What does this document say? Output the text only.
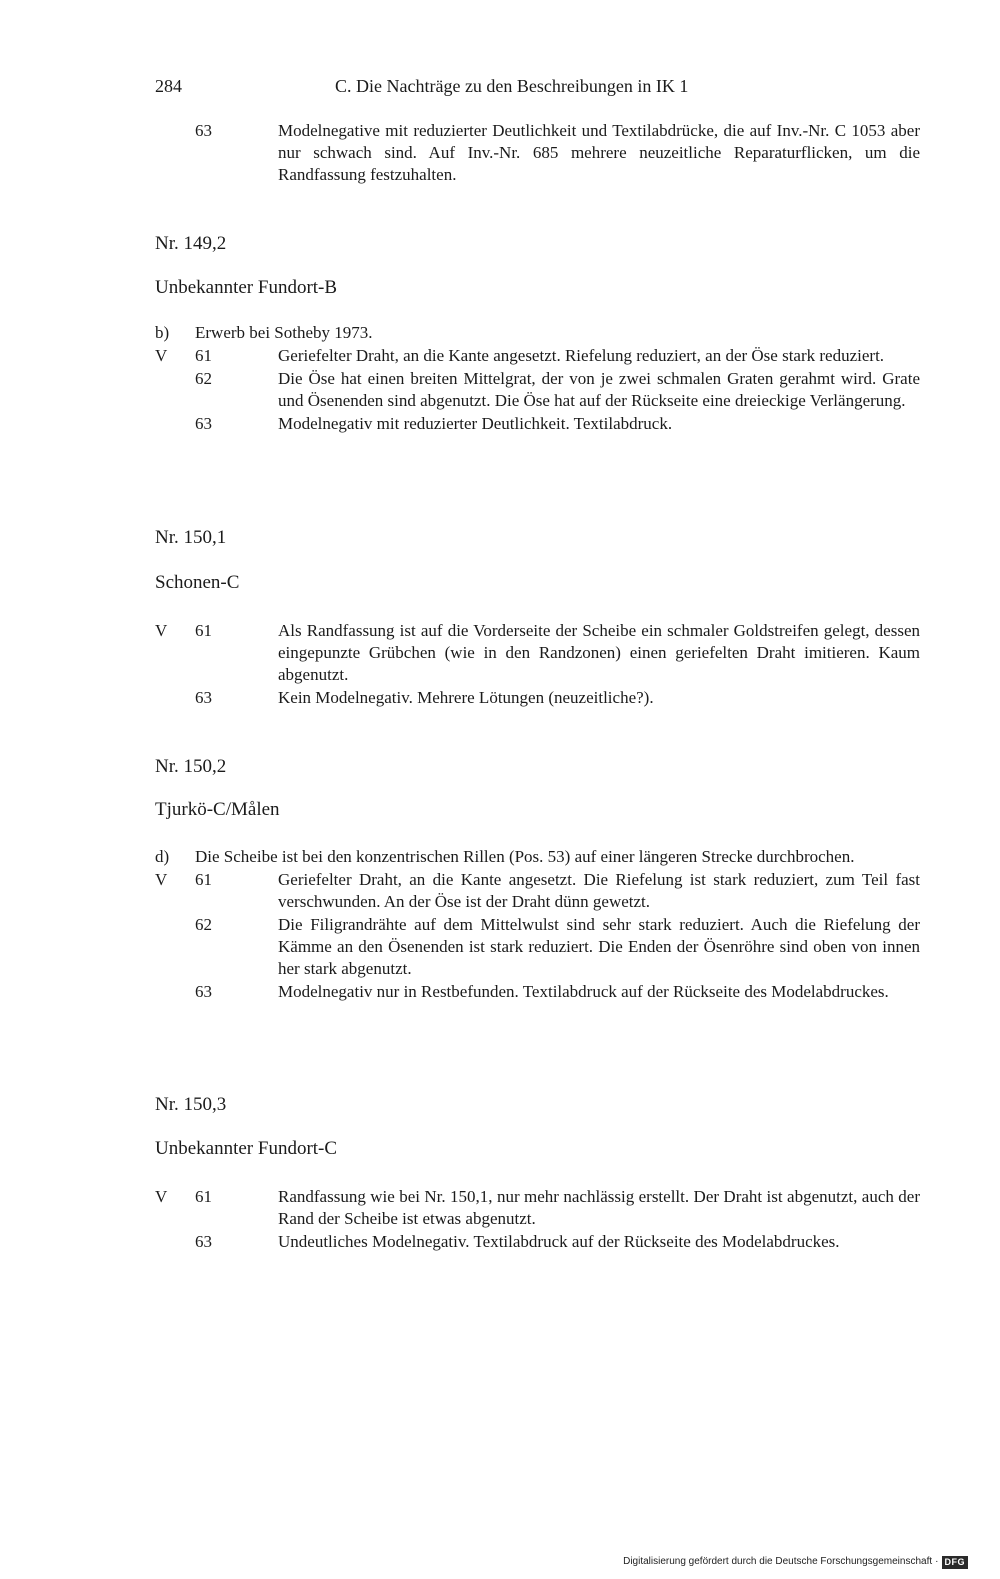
284	C. Die Nachträge zu den Beschreibungen in IK 1
63	Modelnegative mit reduzierter Deutlichkeit und Textilabdrücke, die auf Inv.-Nr. C 1053 aber nur schwach sind. Auf Inv.-Nr. 685 mehrere neuzeitliche Reparaturflicken, um die Randfassung festzuhalten.
Nr. 149,2
Unbekannter Fundort-B
b)	Erwerb bei Sotheby 1973.
V	61	Geriefelter Draht, an die Kante angesetzt. Riefelung reduziert, an der Öse stark reduziert.
62	Die Öse hat einen breiten Mittelgrat, der von je zwei schmalen Graten gerahmt wird. Grate und Ösenenden sind abgenutzt. Die Öse hat auf der Rückseite eine dreieckige Verlängerung.
63	Modelnegativ mit reduzierter Deutlichkeit. Textilabdruck.
Nr. 150,1
Schonen-C
V	61	Als Randfassung ist auf die Vorderseite der Scheibe ein schmaler Goldstreifen gelegt, dessen eingepunzte Grübchen (wie in den Randzonen) einen geriefelten Draht imitieren. Kaum abgenutzt.
63	Kein Modelnegativ. Mehrere Lötungen (neuzeitliche?).
Nr. 150,2
Tjurkö-C/Målen
d)	Die Scheibe ist bei den konzentrischen Rillen (Pos. 53) auf einer längeren Strecke durchbrochen.
V	61	Geriefelter Draht, an die Kante angesetzt. Die Riefelung ist stark reduziert, zum Teil fast verschwunden. An der Öse ist der Draht dünn gewetzt.
62	Die Filigrandrähte auf dem Mittelwulst sind sehr stark reduziert. Auch die Riefelung der Kämme an den Ösenenden ist stark reduziert. Die Enden der Ösenröhre sind oben von innen her stark abgenutzt.
63	Modelnegativ nur in Restbefunden. Textilabdruck auf der Rückseite des Modelabdruckes.
Nr. 150,3
Unbekannter Fundort-C
V	61	Randfassung wie bei Nr. 150,1, nur mehr nachlässig erstellt. Der Draht ist abgenutzt, auch der Rand der Scheibe ist etwas abgenutzt.
63	Undeutliches Modelnegativ. Textilabdruck auf der Rückseite des Modelabdruckes.
Digitalisierung gefördert durch die Deutsche Forschungsgemeinschaft · DFG
